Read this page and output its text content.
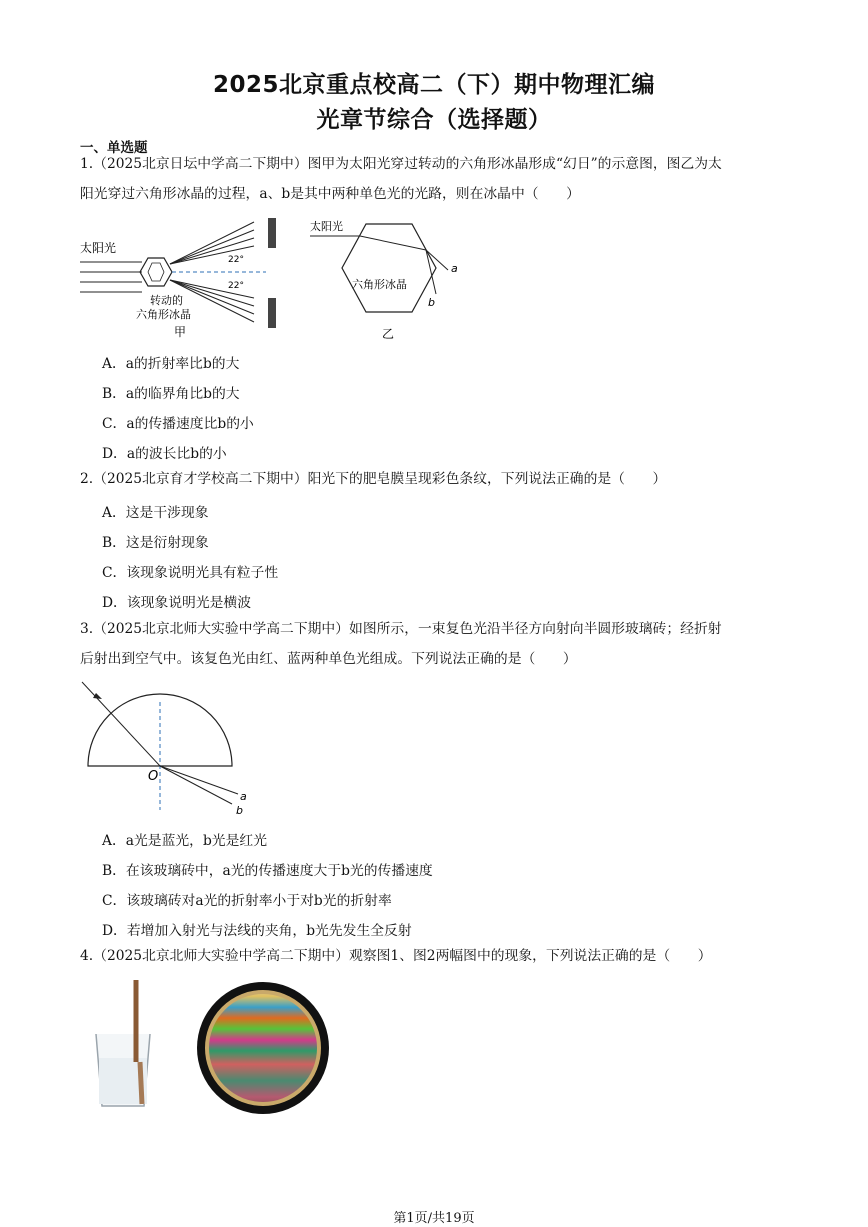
2025北京重点校高二（下）期中物理汇编
光章节综合（选择题）
一、单选题
1.（2025北京日坛中学高二下期中）图甲为太阳光穿过转动的六角形冰晶形成“幻日”的示意图，图乙为太
阳光穿过六角形冰晶的过程，a、b是其中两种单色光的光路，则在冰晶中（　　）
太阳光
22°
22°
转动的
六角形冰晶
甲
太阳光
a
b
六角形冰晶
乙
A．a的折射率比b的大
B．a的临界角比b的大
C．a的传播速度比b的小
D．a的波长比b的小
2.（2025北京育才学校高二下期中）阳光下的肥皂膜呈现彩色条纹，下列说法正确的是（　　）
A．这是干涉现象
B．这是衍射现象
C．该现象说明光具有粒子性
D．该现象说明光是横波
3.（2025北京北师大实验中学高二下期中）如图所示，一束复色光沿半径方向射向半圆形玻璃砖；经折射
后射出到空气中。该复色光由红、蓝两种单色光组成。下列说法正确的是（　　）
O
a
b
A．a光是蓝光，b光是红光
B．在该玻璃砖中，a光的传播速度大于b光的传播速度
C．该玻璃砖对a光的折射率小于对b光的折射率
D．若增加入射光与法线的夹角，b光先发生全反射
4.（2025北京北师大实验中学高二下期中）观察图1、图2两幅图中的现象，下列说法正确的是（　　）
第1页/共19页
